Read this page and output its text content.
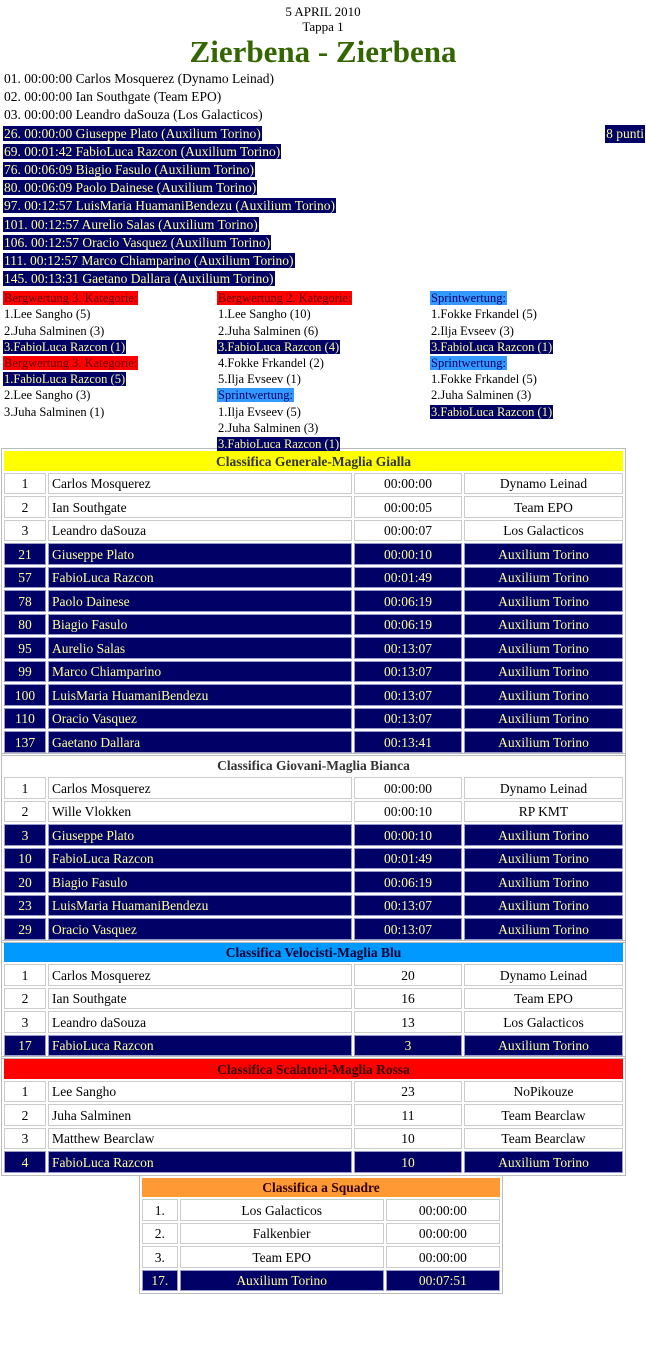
5 APRIL 2010
Tappa 1
Zierbena - Zierbena
01. 00:00:00 Carlos Mosquerez (Dynamo Leinad)
02. 00:00:00 Ian Southgate (Team EPO)
03. 00:00:00 Leandro daSouza (Los Galacticos)
26. 00:00:00 Giuseppe Plato (Auxilium Torino)
69. 00:01:42 FabioLuca Razcon (Auxilium Torino)
76. 00:06:09 Biagio Fasulo (Auxilium Torino)
80. 00:06:09 Paolo Dainese (Auxilium Torino)
97. 00:12:57 LuisMaria HuamaniBendezu (Auxilium Torino)
101. 00:12:57 Aurelio Salas (Auxilium Torino)
106. 00:12:57 Oracio Vasquez (Auxilium Torino)
111. 00:12:57 Marco Chiamparino (Auxilium Torino)
145. 00:13:31 Gaetano Dallara (Auxilium Torino)
8 punti
Bergwertung 3. Kategorie:
1.Lee Sangho (5)
2.Juha Salminen (3)
3.FabioLuca Razcon (1)
Bergwertung 3. Kategorie:
1.FabioLuca Razcon (5)
2.Lee Sangho (3)
3.Juha Salminen (1)
Bergwertung 2. Kategorie:
1.Lee Sangho (10)
2.Juha Salminen (6)
3.FabioLuca Razcon (4)
4.Fokke Frkandel (2)
5.Ilja Evseev (1)
Sprintwertung:
1.Ilja Evseev (5)
2.Juha Salminen (3)
3.FabioLuca Razcon (1)
Sprintwertung:
1.Fokke Frkandel (5)
2.Ilja Evseev (3)
3.FabioLuca Razcon (1)
Sprintwertung:
1.Fokke Frkandel (5)
2.Juha Salminen (3)
3.FabioLuca Razcon (1)
Classifica Generale-Maglia Gialla			
1	Carlos Mosquerez	00:00:00	Dynamo Leinad
2	Ian Southgate	00:00:05	Team EPO
3	Leandro daSouza	00:00:07	Los Galacticos
21	Giuseppe Plato	00:00:10	Auxilium Torino
57	FabioLuca Razcon	00:01:49	Auxilium Torino
78	Paolo Dainese	00:06:19	Auxilium Torino
80	Biagio Fasulo	00:06:19	Auxilium Torino
95	Aurelio Salas	00:13:07	Auxilium Torino
99	Marco Chiamparino	00:13:07	Auxilium Torino
100	LuisMaria HuamaniBendezu	00:13:07	Auxilium Torino
110	Oracio Vasquez	00:13:07	Auxilium Torino
137	Gaetano Dallara	00:13:41	Auxilium Torino
Classifica Giovani-Maglia Bianca			
1	Carlos Mosquerez	00:00:00	Dynamo Leinad
2	Wille Vlokken	00:00:10	RP KMT
3	Giuseppe Plato	00:00:10	Auxilium Torino
10	FabioLuca Razcon	00:01:49	Auxilium Torino
20	Biagio Fasulo	00:06:19	Auxilium Torino
23	LuisMaria HuamaniBendezu	00:13:07	Auxilium Torino
29	Oracio Vasquez	00:13:07	Auxilium Torino
Classifica Velocisti-Maglia Blu			
1	Carlos Mosquerez	20	Dynamo Leinad
2	Ian Southgate	16	Team EPO
3	Leandro daSouza	13	Los Galacticos
17	FabioLuca Razcon	3	Auxilium Torino
Classifica Scalatori-Maglia Rossa			
1	Lee Sangho	23	NoPikouze
2	Juha Salminen	11	Team Bearclaw
3	Matthew Bearclaw	10	Team Bearclaw
4	FabioLuca Razcon	10	Auxilium Torino
Classifica a Squadre		
1.	Los Galacticos	00:00:00
2.	Falkenbier	00:00:00
3.	Team EPO	00:00:00
17.	Auxilium Torino	00:07:51
